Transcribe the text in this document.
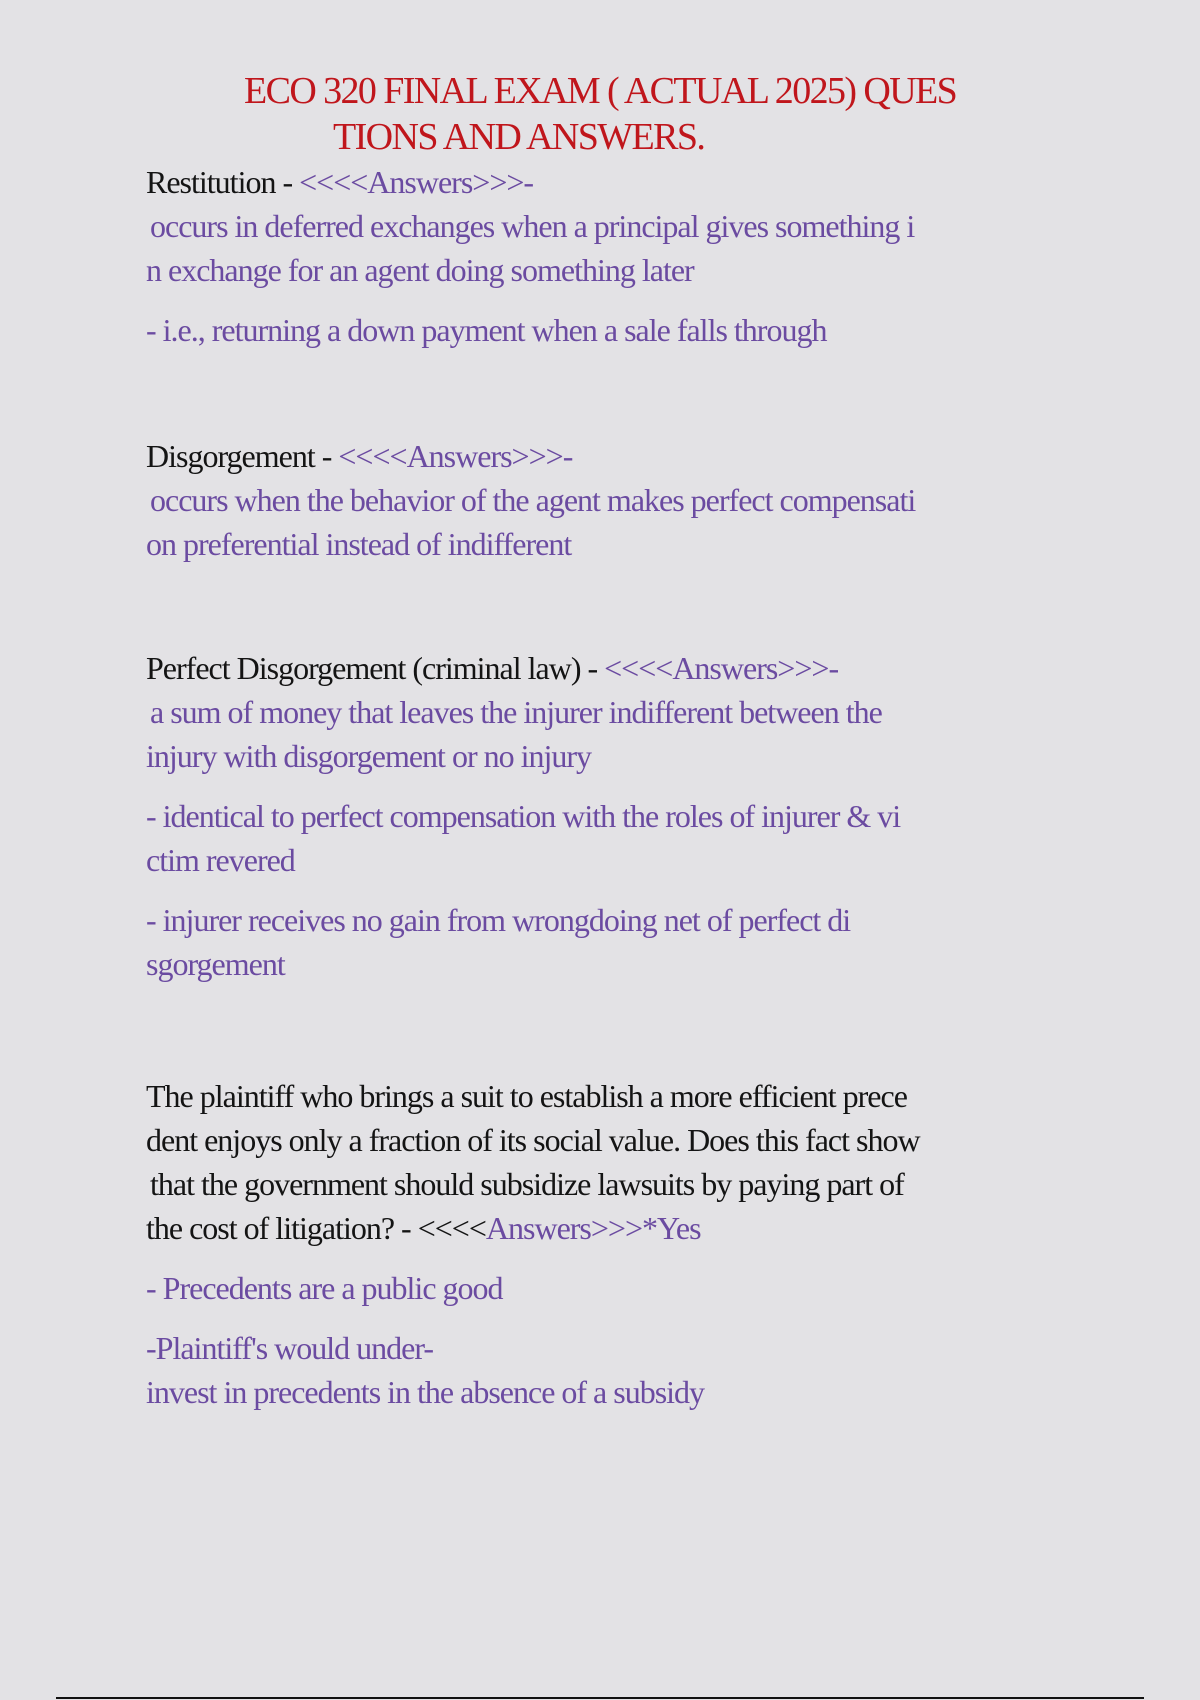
ECO 320 FINAL EXAM ( ACTUAL 2025) QUES
TIONS AND ANSWERS.
Restitution - <<<<Answers>>>-
occurs in deferred exchanges when a principal gives something i
n exchange for an agent doing something later
- i.e., returning a down payment when a sale falls through
Disgorgement - <<<<Answers>>>-
occurs when the behavior of the agent makes perfect compensati
on preferential instead of indifferent
Perfect Disgorgement (criminal law) - <<<<Answers>>>-
a sum of money that leaves the injurer indifferent between the
injury with disgorgement or no injury
- identical to perfect compensation with the roles of injurer & vi
ctim revered
- injurer receives no gain from wrongdoing net of perfect di
sgorgement
The plaintiff who brings a suit to establish a more efficient prece
dent enjoys only a fraction of its social value. Does this fact show
that the government should subsidize lawsuits by paying part of
the cost of litigation? - <<<<Answers>>>*Yes
- Precedents are a public good
-Plaintiff's would under-
invest in precedents in the absence of a subsidy
